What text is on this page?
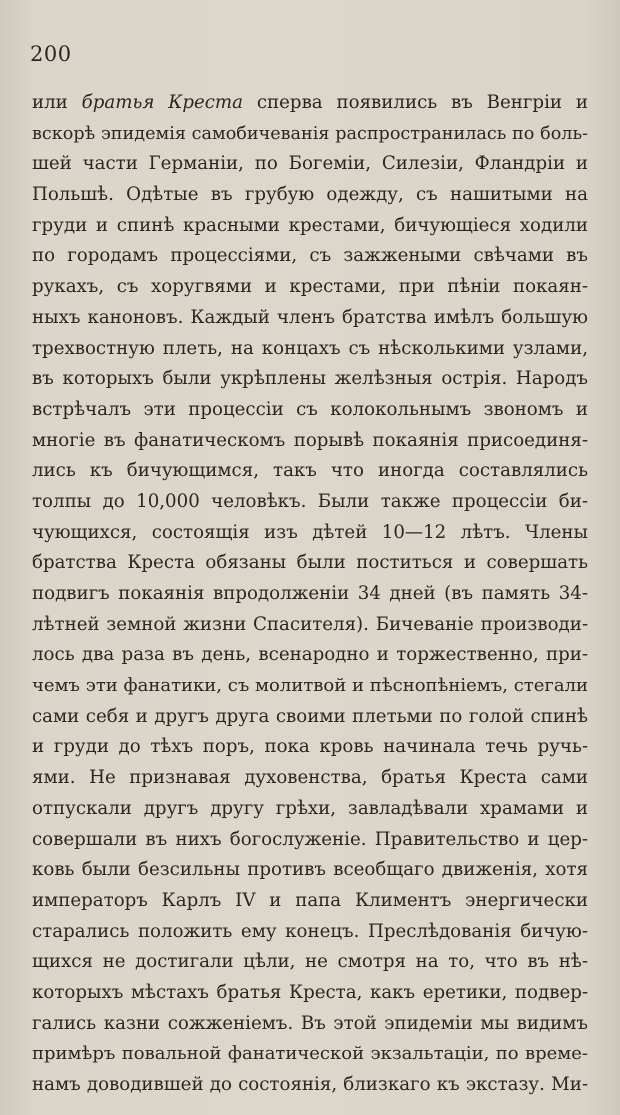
200
или братья Креста сперва появились въ Венгріи и
вскорѣ эпидемія самобичеванія распространилась по боль-
шей части Германіи, по Богеміи, Силезіи, Фландріи и
Польшѣ. Одѣтые въ грубую одежду, съ нашитыми на
груди и спинѣ красными крестами, бичующіеся ходили
по городамъ процессіями, съ зажжеными свѣчами въ
рукахъ, съ хоругвями и крестами, при пѣніи покаян-
ныхъ каноновъ. Каждый членъ братства имѣлъ большую
трехвостную плеть, на концахъ съ нѣсколькими узлами,
въ которыхъ были укрѣплены желѣзныя острія. Народъ
встрѣчалъ эти процессіи съ колокольнымъ звономъ и
многіе въ фанатическомъ порывѣ покаянія присоединя-
лись къ бичующимся, такъ что иногда составлялись
толпы до 10,000 человѣкъ. Были также процессіи би-
чующихся, состоящія изъ дѣтей 10—12 лѣтъ. Члены
братства Креста обязаны были поститься и совершать
подвигъ покаянія впродолженіи 34 дней (въ память 34-
лѣтней земной жизни Спасителя). Бичеваніе производи-
лось два раза въ день, всенародно и торжественно, при-
чемъ эти фанатики, съ молитвой и пѣснопѣніемъ, стегали
сами себя и другъ друга своими плетьми по голой спинѣ
и груди до тѣхъ поръ, пока кровь начинала течь ручь-
ями. Не признавая духовенства, братья Креста сами
отпускали другъ другу грѣхи, завладѣвали храмами и
совершали въ нихъ богослуженіе. Правительство и цер-
ковь были безсильны противъ всеобщаго движенія, хотя
императоръ Карлъ IV и папа Климентъ энергически
старались положить ему конецъ. Преслѣдованія бичую-
щихся не достигали цѣли, не смотря на то, что въ нѣ-
которыхъ мѣстахъ братья Креста, какъ еретики, подвер-
гались казни сожженіемъ. Въ этой эпидеміи мы видимъ
примѣръ повальной фанатической экзальтаціи, по време-
намъ доводившей до состоянія, близкаго къ экстазу. Ми-
